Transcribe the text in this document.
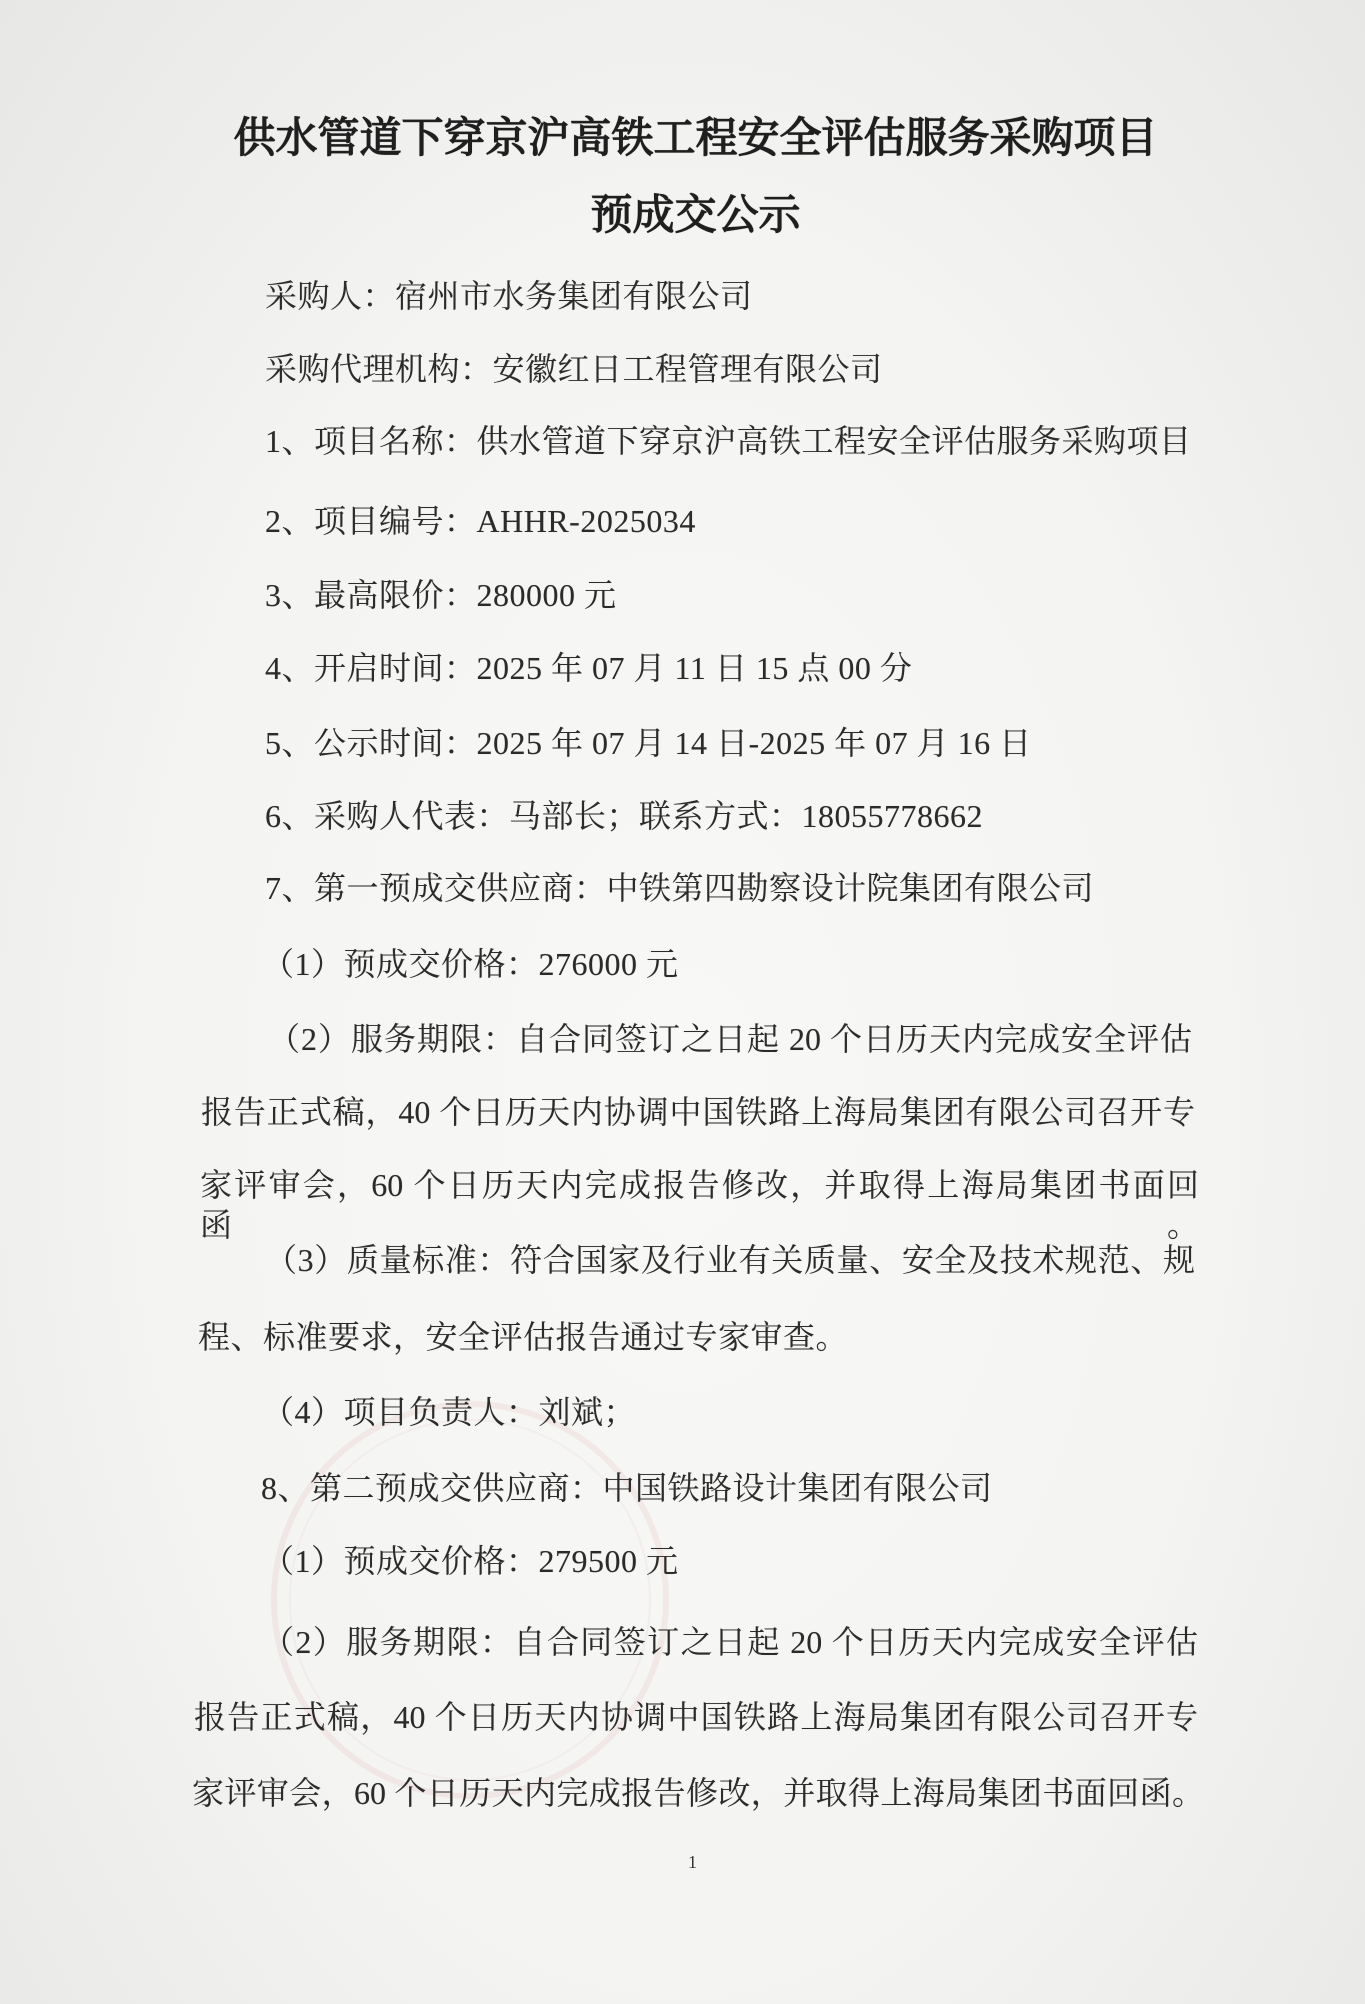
供水管道下穿京沪高铁工程安全评估服务采购项目
预成交公示
采购人：宿州市水务集团有限公司
采购代理机构：安徽红日工程管理有限公司
1、项目名称：供水管道下穿京沪高铁工程安全评估服务采购项目
2、项目编号：AHHR-2025034
3、最高限价：280000 元
4、开启时间：2025 年 07 月 11 日 15 点 00 分
5、公示时间：2025 年 07 月 14 日-2025 年 07 月 16 日
6、采购人代表：马部长；联系方式：18055778662
7、第一预成交供应商：中铁第四勘察设计院集团有限公司
（1）预成交价格：276000 元
（2）服务期限：自合同签订之日起 20 个日历天内完成安全评估
报告正式稿，40 个日历天内协调中国铁路上海局集团有限公司召开专
家评审会，60 个日历天内完成报告修改，并取得上海局集团书面回函。
（3）质量标准：符合国家及行业有关质量、安全及技术规范、规
程、标准要求，安全评估报告通过专家审查。
（4）项目负责人：刘斌；
8、第二预成交供应商：中国铁路设计集团有限公司
（1）预成交价格：279500 元
（2）服务期限：自合同签订之日起 20 个日历天内完成安全评估
报告正式稿，40 个日历天内协调中国铁路上海局集团有限公司召开专
家评审会，60 个日历天内完成报告修改，并取得上海局集团书面回函。
1
